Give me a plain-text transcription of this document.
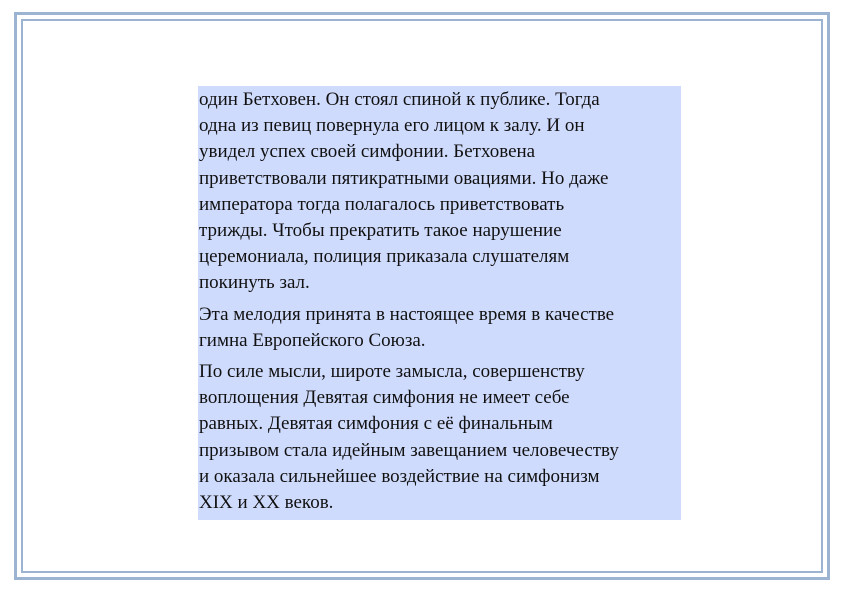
один Бетховен. Он стоял спиной к публике. Тогда
одна из певиц повернула его лицом к залу. И он
увидел успех своей симфонии. Бетховена
приветствовали пятикратными овациями. Но даже
императора тогда полагалось приветствовать
трижды. Чтобы прекратить такое нарушение
церемониала, полиция приказала слушателям
покинуть зал.

Эта мелодия принята в настоящее время в качестве
гимна Европейского Союза.

По силе мысли, широте замысла, совершенству
воплощения Девятая симфония не имеет себе
равных. Девятая симфония с её финальным
призывом стала идейным завещанием человечеству
и оказала сильнейшее воздействие на симфонизм
XIX и XX веков.
